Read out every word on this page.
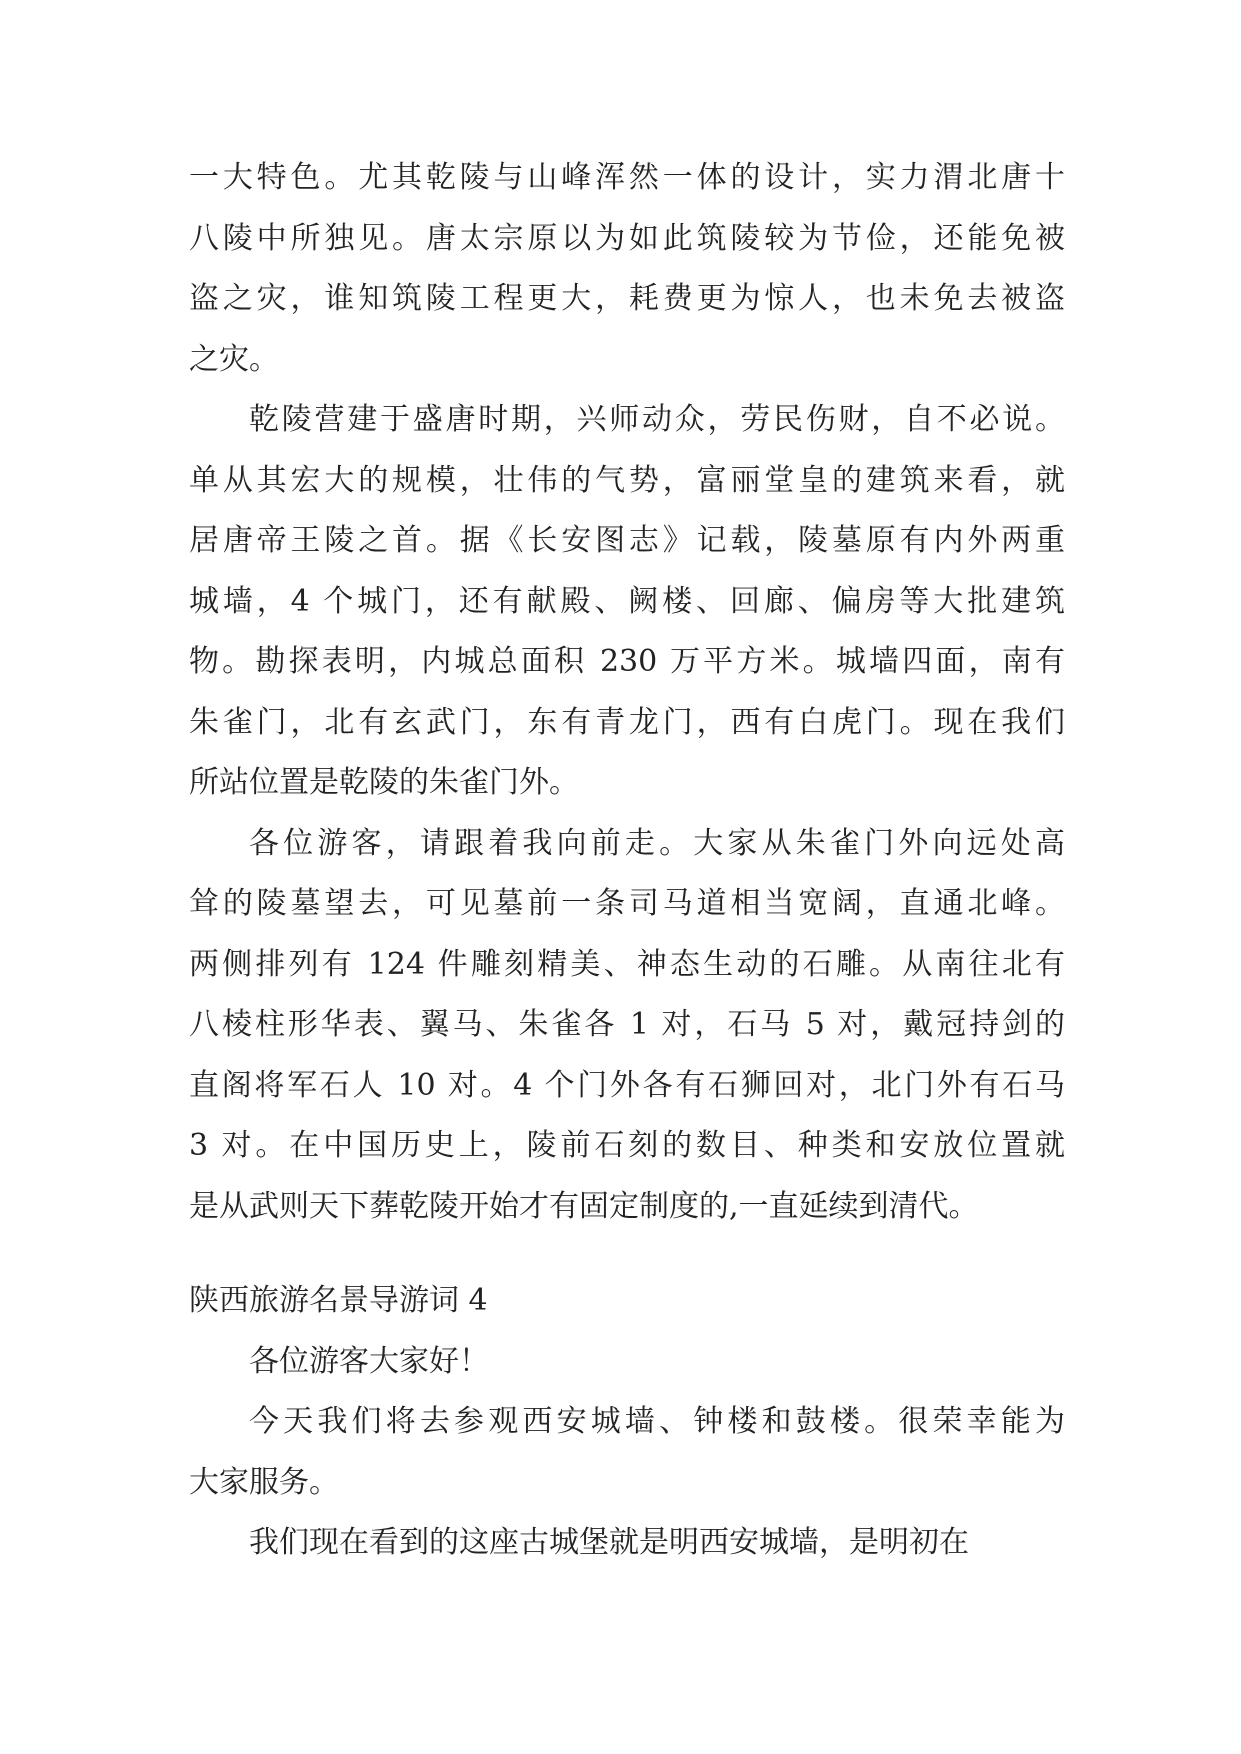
一大特色。尤其乾陵与山峰浑然一体的设计，实力渭北唐十
八陵中所独见。唐太宗原以为如此筑陵较为节俭，还能免被
盗之灾，谁知筑陵工程更大，耗费更为惊人，也未免去被盗
之灾。
乾陵营建于盛唐时期，兴师动众，劳民伤财，自不必说。
单从其宏大的规模，壮伟的气势，富丽堂皇的建筑来看，就
居唐帝王陵之首。据《长安图志》记载，陵墓原有内外两重
城墙，4 个城门，还有献殿、阙楼、回廊、偏房等大批建筑
物。勘探表明，内城总面积 230 万平方米。城墙四面，南有
朱雀门，北有玄武门，东有青龙门，西有白虎门。现在我们
所站位置是乾陵的朱雀门外。
各位游客，请跟着我向前走。大家从朱雀门外向远处高
耸的陵墓望去，可见墓前一条司马道相当宽阔，直通北峰。
两侧排列有 124 件雕刻精美、神态生动的石雕。从南往北有
八棱柱形华表、翼马、朱雀各 1 对，石马 5 对，戴冠持剑的
直阁将军石人 10 对。4 个门外各有石狮回对，北门外有石马
3 对。在中国历史上，陵前石刻的数目、种类和安放位置就
是从武则天下葬乾陵开始才有固定制度的,一直延续到清代。
陕西旅游名景导游词 4
各位游客大家好！
今天我们将去参观西安城墙、钟楼和鼓楼。很荣幸能为
大家服务。
我们现在看到的这座古城堡就是明西安城墙，是明初在
